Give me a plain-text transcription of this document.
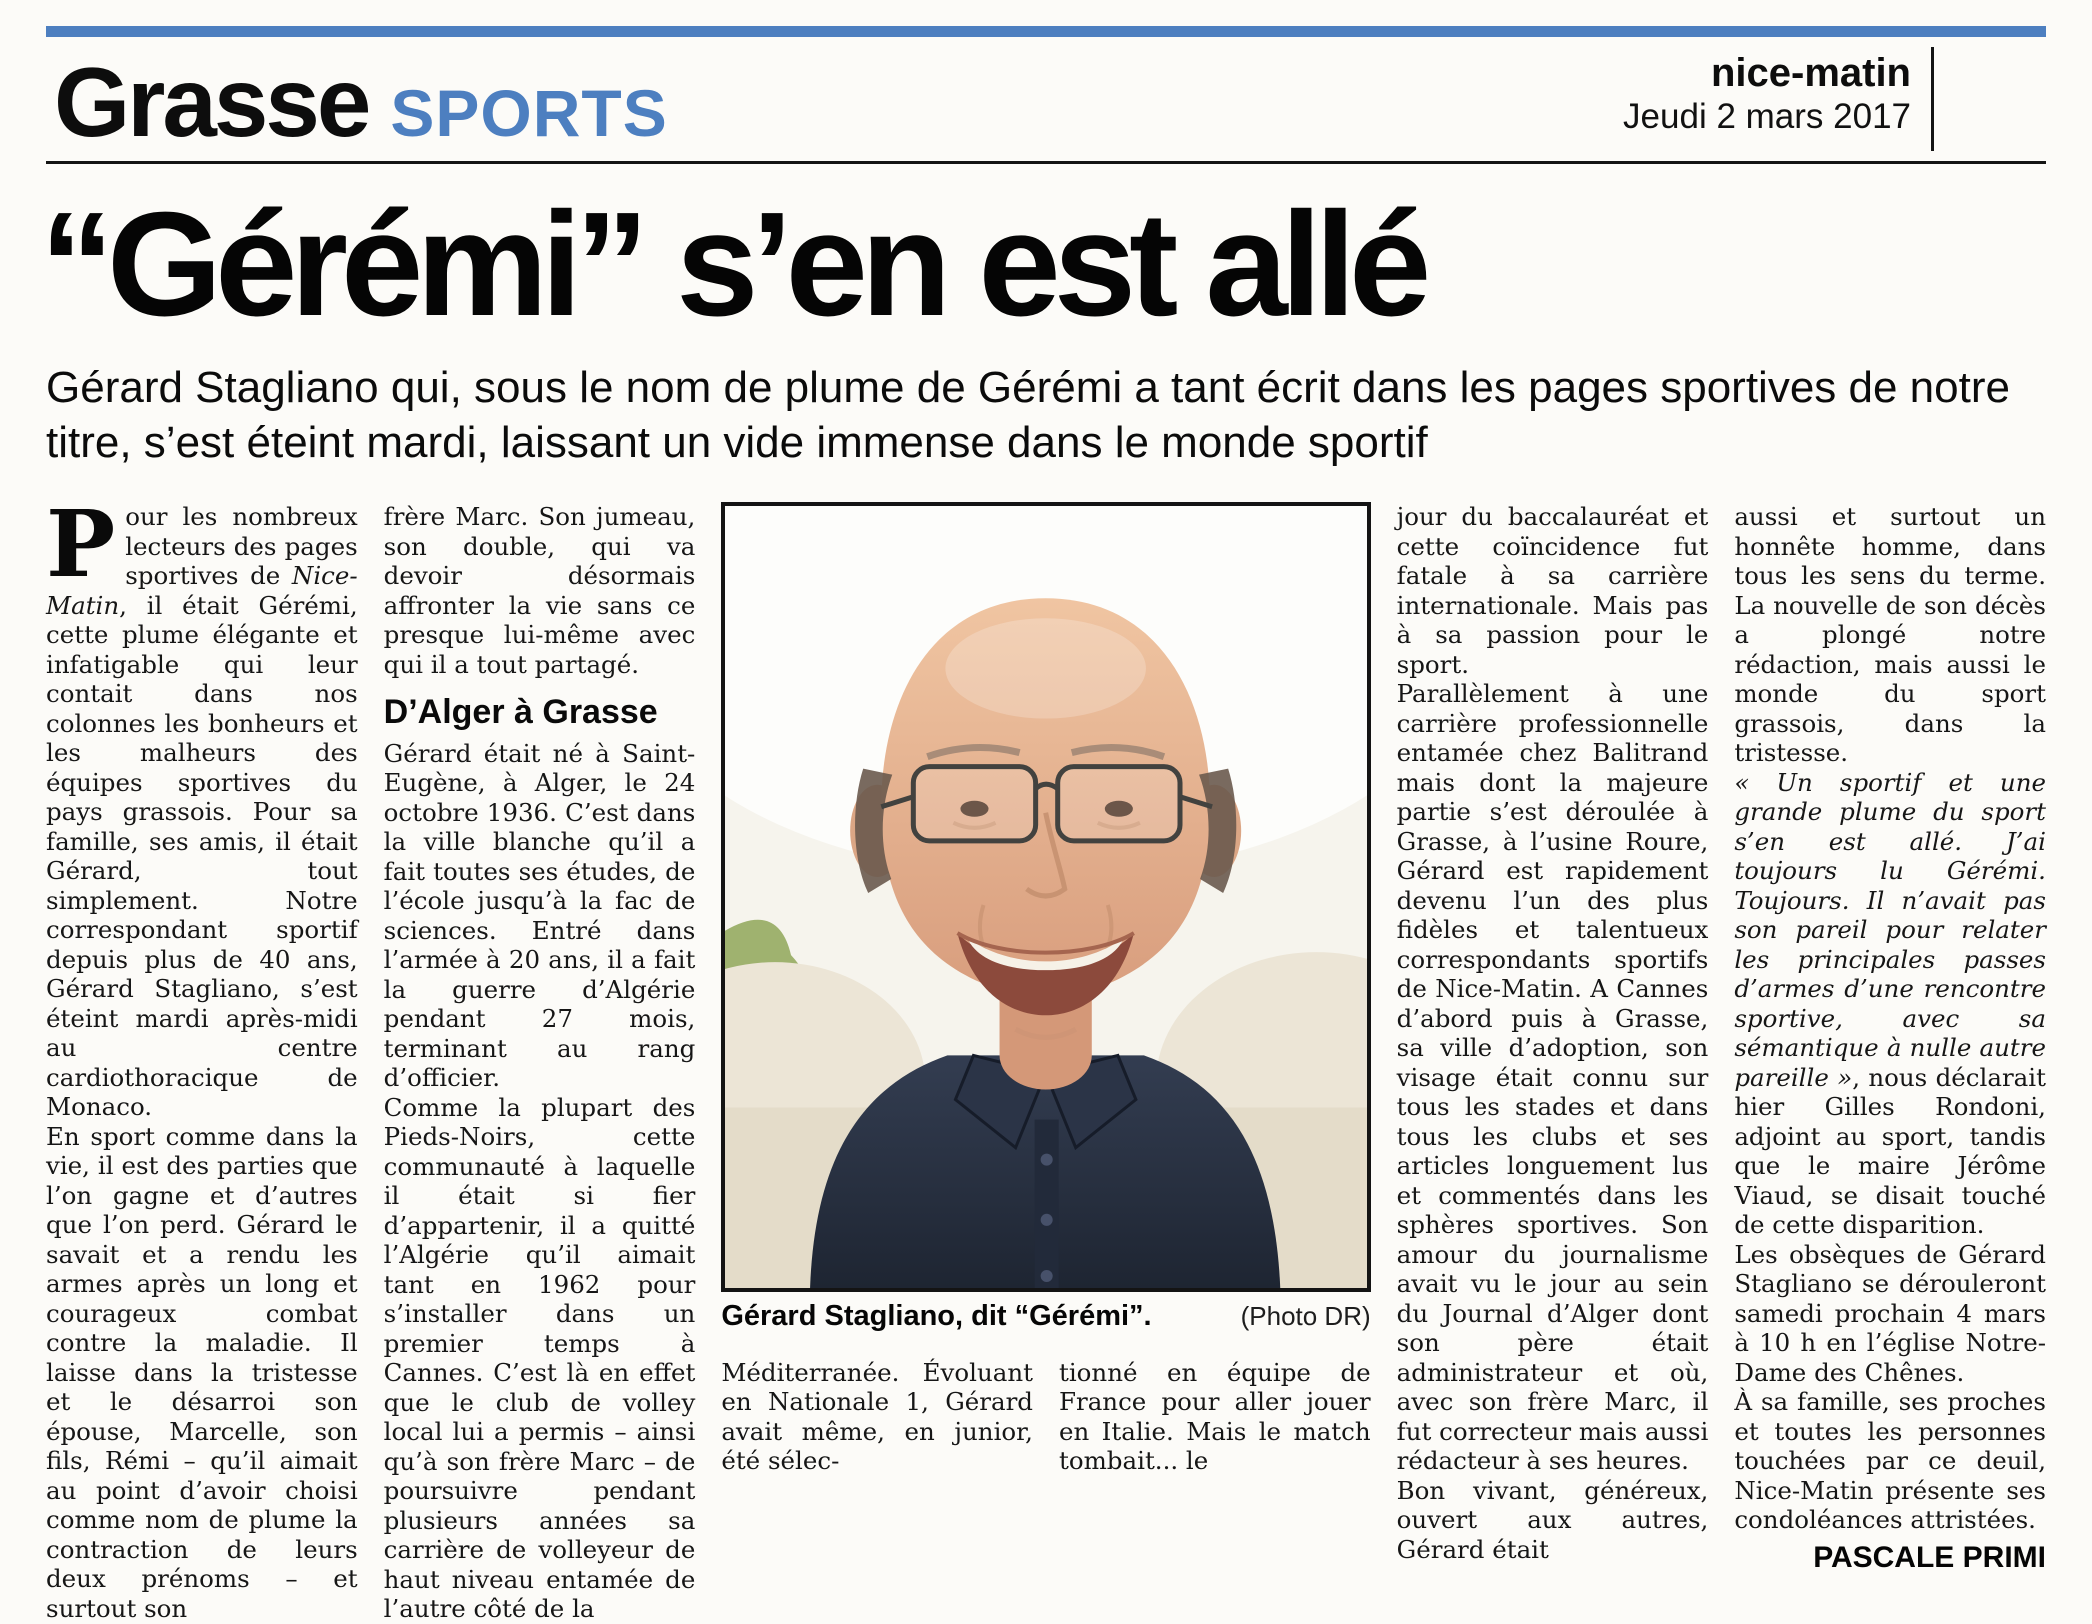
Grasse SPORTS
nice-matin
Jeudi 2 mars 2017
“Gérémi” s’en est allé

Gérard Stagliano qui, sous le nom de plume de Gérémi a tant écrit dans les pages sportives de notre titre, s’est éteint mardi, laissant un vide immense dans le monde sportif

Pour les nombreux lecteurs des pages sportives de Nice-Matin, il était Gérémi, cette plume élégante et infatigable qui leur contait dans nos colonnes les bonheurs et les malheurs des équipes sportives du pays grassois. Pour sa famille, ses amis, il était Gérard, tout simplement. Notre correspondant sportif depuis plus de 40 ans, Gérard Stagliano, s’est éteint mardi après-midi au centre cardiothoracique de Monaco.

En sport comme dans la vie, il est des parties que l’on gagne et d’autres que l’on perd. Gérard le savait et a rendu les armes après un long et courageux combat contre la maladie. Il laisse dans la tristesse et le désarroi son épouse, Marcelle, son fils, Rémi – qu’il aimait au point d’avoir choisi comme nom de plume la contraction de leurs deux prénoms – et surtout son

frère Marc. Son jumeau, son double, qui va devoir désormais affronter la vie sans ce presque lui-même avec qui il a tout partagé.

D’Alger à Grasse

Gérard était né à Saint-Eugène, à Alger, le 24 octobre 1936. C’est dans la ville blanche qu’il a fait toutes ses études, de l’école jusqu’à la fac de sciences. Entré dans l’armée à 20 ans, il a fait la guerre d’Algérie pendant 27 mois, terminant au rang d’officier.

Comme la plupart des Pieds-Noirs, cette communauté à laquelle il était si fier d’appartenir, il a quitté l’Algérie qu’il aimait tant en 1962 pour s’installer dans un premier temps à Cannes. C’est là en effet que le club de volley local lui a permis – ainsi qu’à son frère Marc – de poursuivre pendant plusieurs années sa carrière de volleyeur de haut niveau entamée de l’autre côté de la

Gérard Stagliano, dit “Gérémi”.	(Photo DR)

Méditerranée. Évoluant en Nationale 1, Gérard avait même, en junior, été sélec-

tionné en équipe de France pour aller jouer en Italie. Mais le match tombait... le

jour du baccalauréat et cette coïncidence fut fatale à sa carrière internationale. Mais pas à sa passion pour le sport.

Parallèlement à une carrière professionnelle entamée chez Balitrand mais dont la majeure partie s’est déroulée à Grasse, à l’usine Roure, Gérard est rapidement devenu l’un des plus fidèles et talentueux correspondants sportifs de Nice-Matin. A Cannes d’abord puis à Grasse, sa ville d’adoption, son visage était connu sur tous les stades et dans tous les clubs et ses articles longuement lus et commentés dans les sphères sportives. Son amour du journalisme avait vu le jour au sein du Journal d’Alger dont son père était administrateur et où, avec son frère Marc, il fut correcteur mais aussi rédacteur à ses heures.

Bon vivant, généreux, ouvert aux autres, Gérard était

aussi et surtout un honnête homme, dans tous les sens du terme. La nouvelle de son décès a plongé notre rédaction, mais aussi le monde du sport grassois, dans la tristesse.

« Un sportif et une grande plume du sport s’en est allé. J’ai toujours lu Gérémi. Toujours. Il n’avait pas son pareil pour relater les principales passes d’armes d’une rencontre sportive, avec sa sémantique à nulle autre pareille », nous déclarait hier Gilles Rondoni, adjoint au sport, tandis que le maire Jérôme Viaud, se disait touché de cette disparition.

Les obsèques de Gérard Stagliano se dérouleront samedi prochain 4 mars à 10 h en l’église Notre-Dame des Chênes.

À sa famille, ses proches et toutes les personnes touchées par ce deuil, Nice-Matin présente ses condoléances attristées.

PASCALE PRIMI
